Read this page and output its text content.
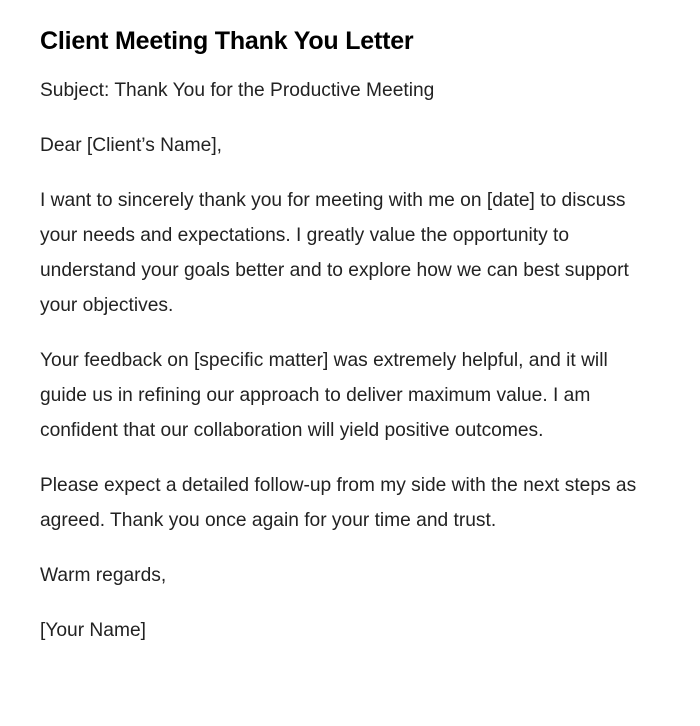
Client Meeting Thank You Letter

Subject: Thank You for the Productive Meeting

Dear [Client’s Name],

I want to sincerely thank you for meeting with me on [date] to discuss your needs and expectations. I greatly value the opportunity to understand your goals better and to explore how we can best support your objectives.

Your feedback on [specific matter] was extremely helpful, and it will guide us in refining our approach to deliver maximum value. I am confident that our collaboration will yield positive outcomes.

Please expect a detailed follow-up from my side with the next steps as agreed. Thank you once again for your time and trust.

Warm regards,

[Your Name]
